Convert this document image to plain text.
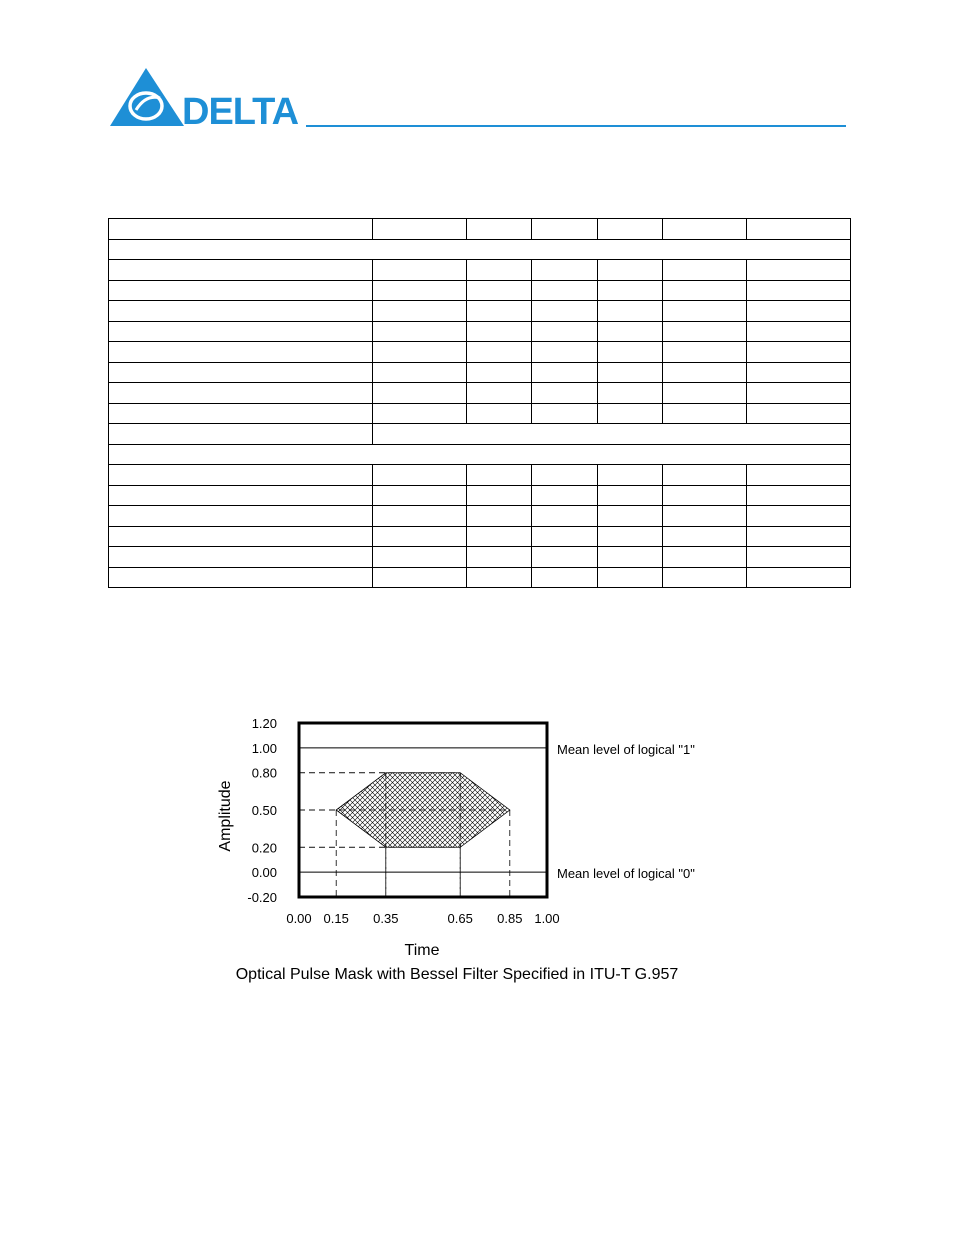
DELTA

Mean level of logical "1"
Mean level of logical "0"
1.20
1.00
0.80
0.50
0.20
0.00
-0.20
0.00 0.15 0.35	0.65 0.85 1.00
Amplitude
Time
Optical Pulse Mask with Bessel Filter Specified in ITU-T G.957
